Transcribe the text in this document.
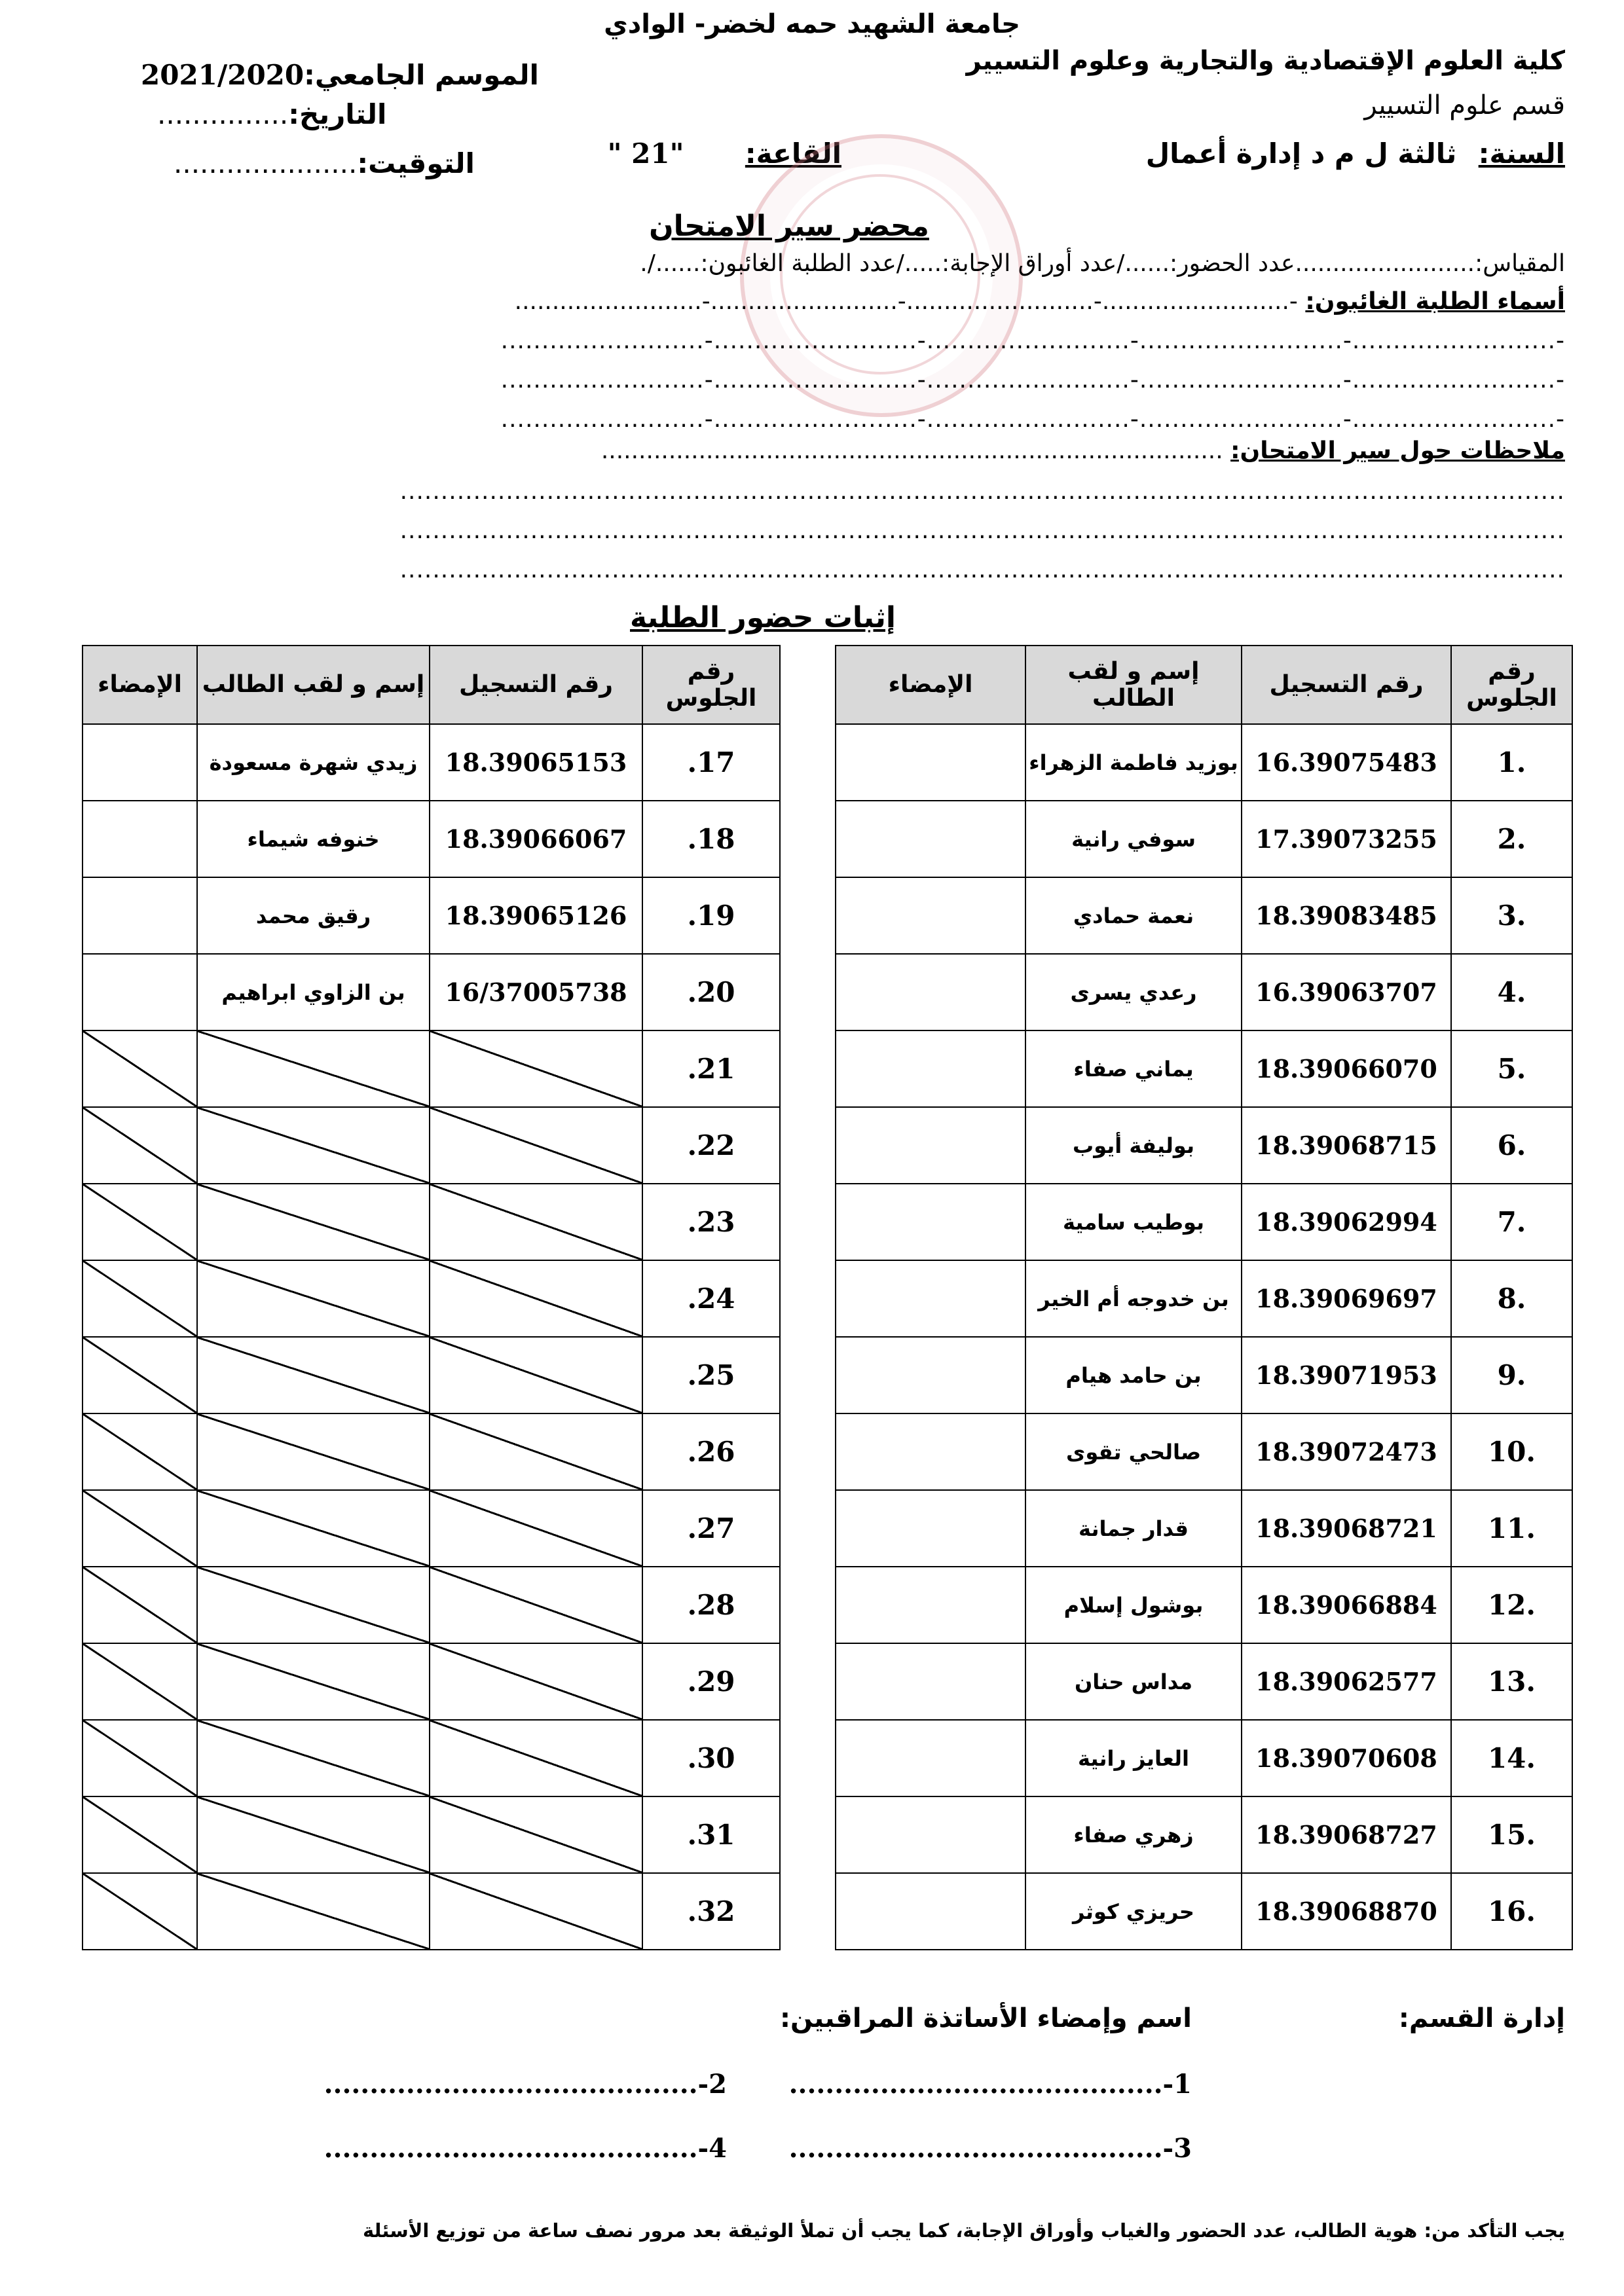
جامعة الشهيد حمه لخضر- الوادي
كلية العلوم الإقتصادية والتجارية وعلوم التسيير
قسم علوم التسيير
السنة: ثالثة ل م د إدارة أعمال
القاعة: "21 "
الموسم الجامعي:2021/2020
التاريخ:...............
التوقيت:.....................
محضر سير الامتحان
المقياس:........................عدد الحضور:....../عدد أوراق الإجابة:...../عدد الطلبة الغائبون:....../.
أسماء الطلبة الغائبون: -.........................-.........................-.........................-.........................
-.........................-.........................-.........................-.........................-.........................
-.........................-.........................-.........................-.........................-.........................
-.........................-.........................-.........................-.........................-.........................
ملاحظات حول سير الامتحان: ...................................................................................
...............................................................................................................................................
...............................................................................................................................................
...............................................................................................................................................
إثبات حضور الطلبة
رقم الجلوس	رقم التسجيل	إسم و لقب الطالب	الإمضاء
1.	16.39075483	بوزيد فاطمة الزهراء	
2.	17.39073255	سوفي رانية	
3.	18.39083485	نعمة حمادي	
4.	16.39063707	رعدي يسرى	
5.	18.39066070	يماني صفاء	
6.	18.39068715	بوليفة أيوب	
7.	18.39062994	بوطيب سامية	
8.	18.39069697	بن خدوجه أم الخير	
9.	18.39071953	بن حامد هيام	
10.	18.39072473	صالحي تقوى	
11.	18.39068721	قدار جمانة	
12.	18.39066884	بوشول إسلام	
13.	18.39062577	مداس حنان	
14.	18.39070608	العايز رانية	
15.	18.39068727	زهري صفاء	
16.	18.39068870	حريزي كوثر	
رقم الجلوس	رقم التسجيل	إسم و لقب الطالب	الإمضاء
.17	18.39065153	زيدي شهرة مسعودة	
.18	18.39066067	خنوفه شيماء	
.19	18.39065126	رقيق محمد	
.20	16/37005738	بن الزاوي ابراهيم	
.21			
.22			
.23			
.24			
.25			
.26			
.27			
.28			
.29			
.30			
.31			
.32			
إدارة القسم:
اسم وإمضاء الأساتذة المراقبين:
1-.........................................
2-.........................................
3-.........................................
4-.........................................
يجب التأكد من: هوية الطالب، عدد الحضور والغياب وأوراق الإجابة، كما يجب أن تملأ الوثيقة بعد مرور نصف ساعة من توزيع الأسئلة
